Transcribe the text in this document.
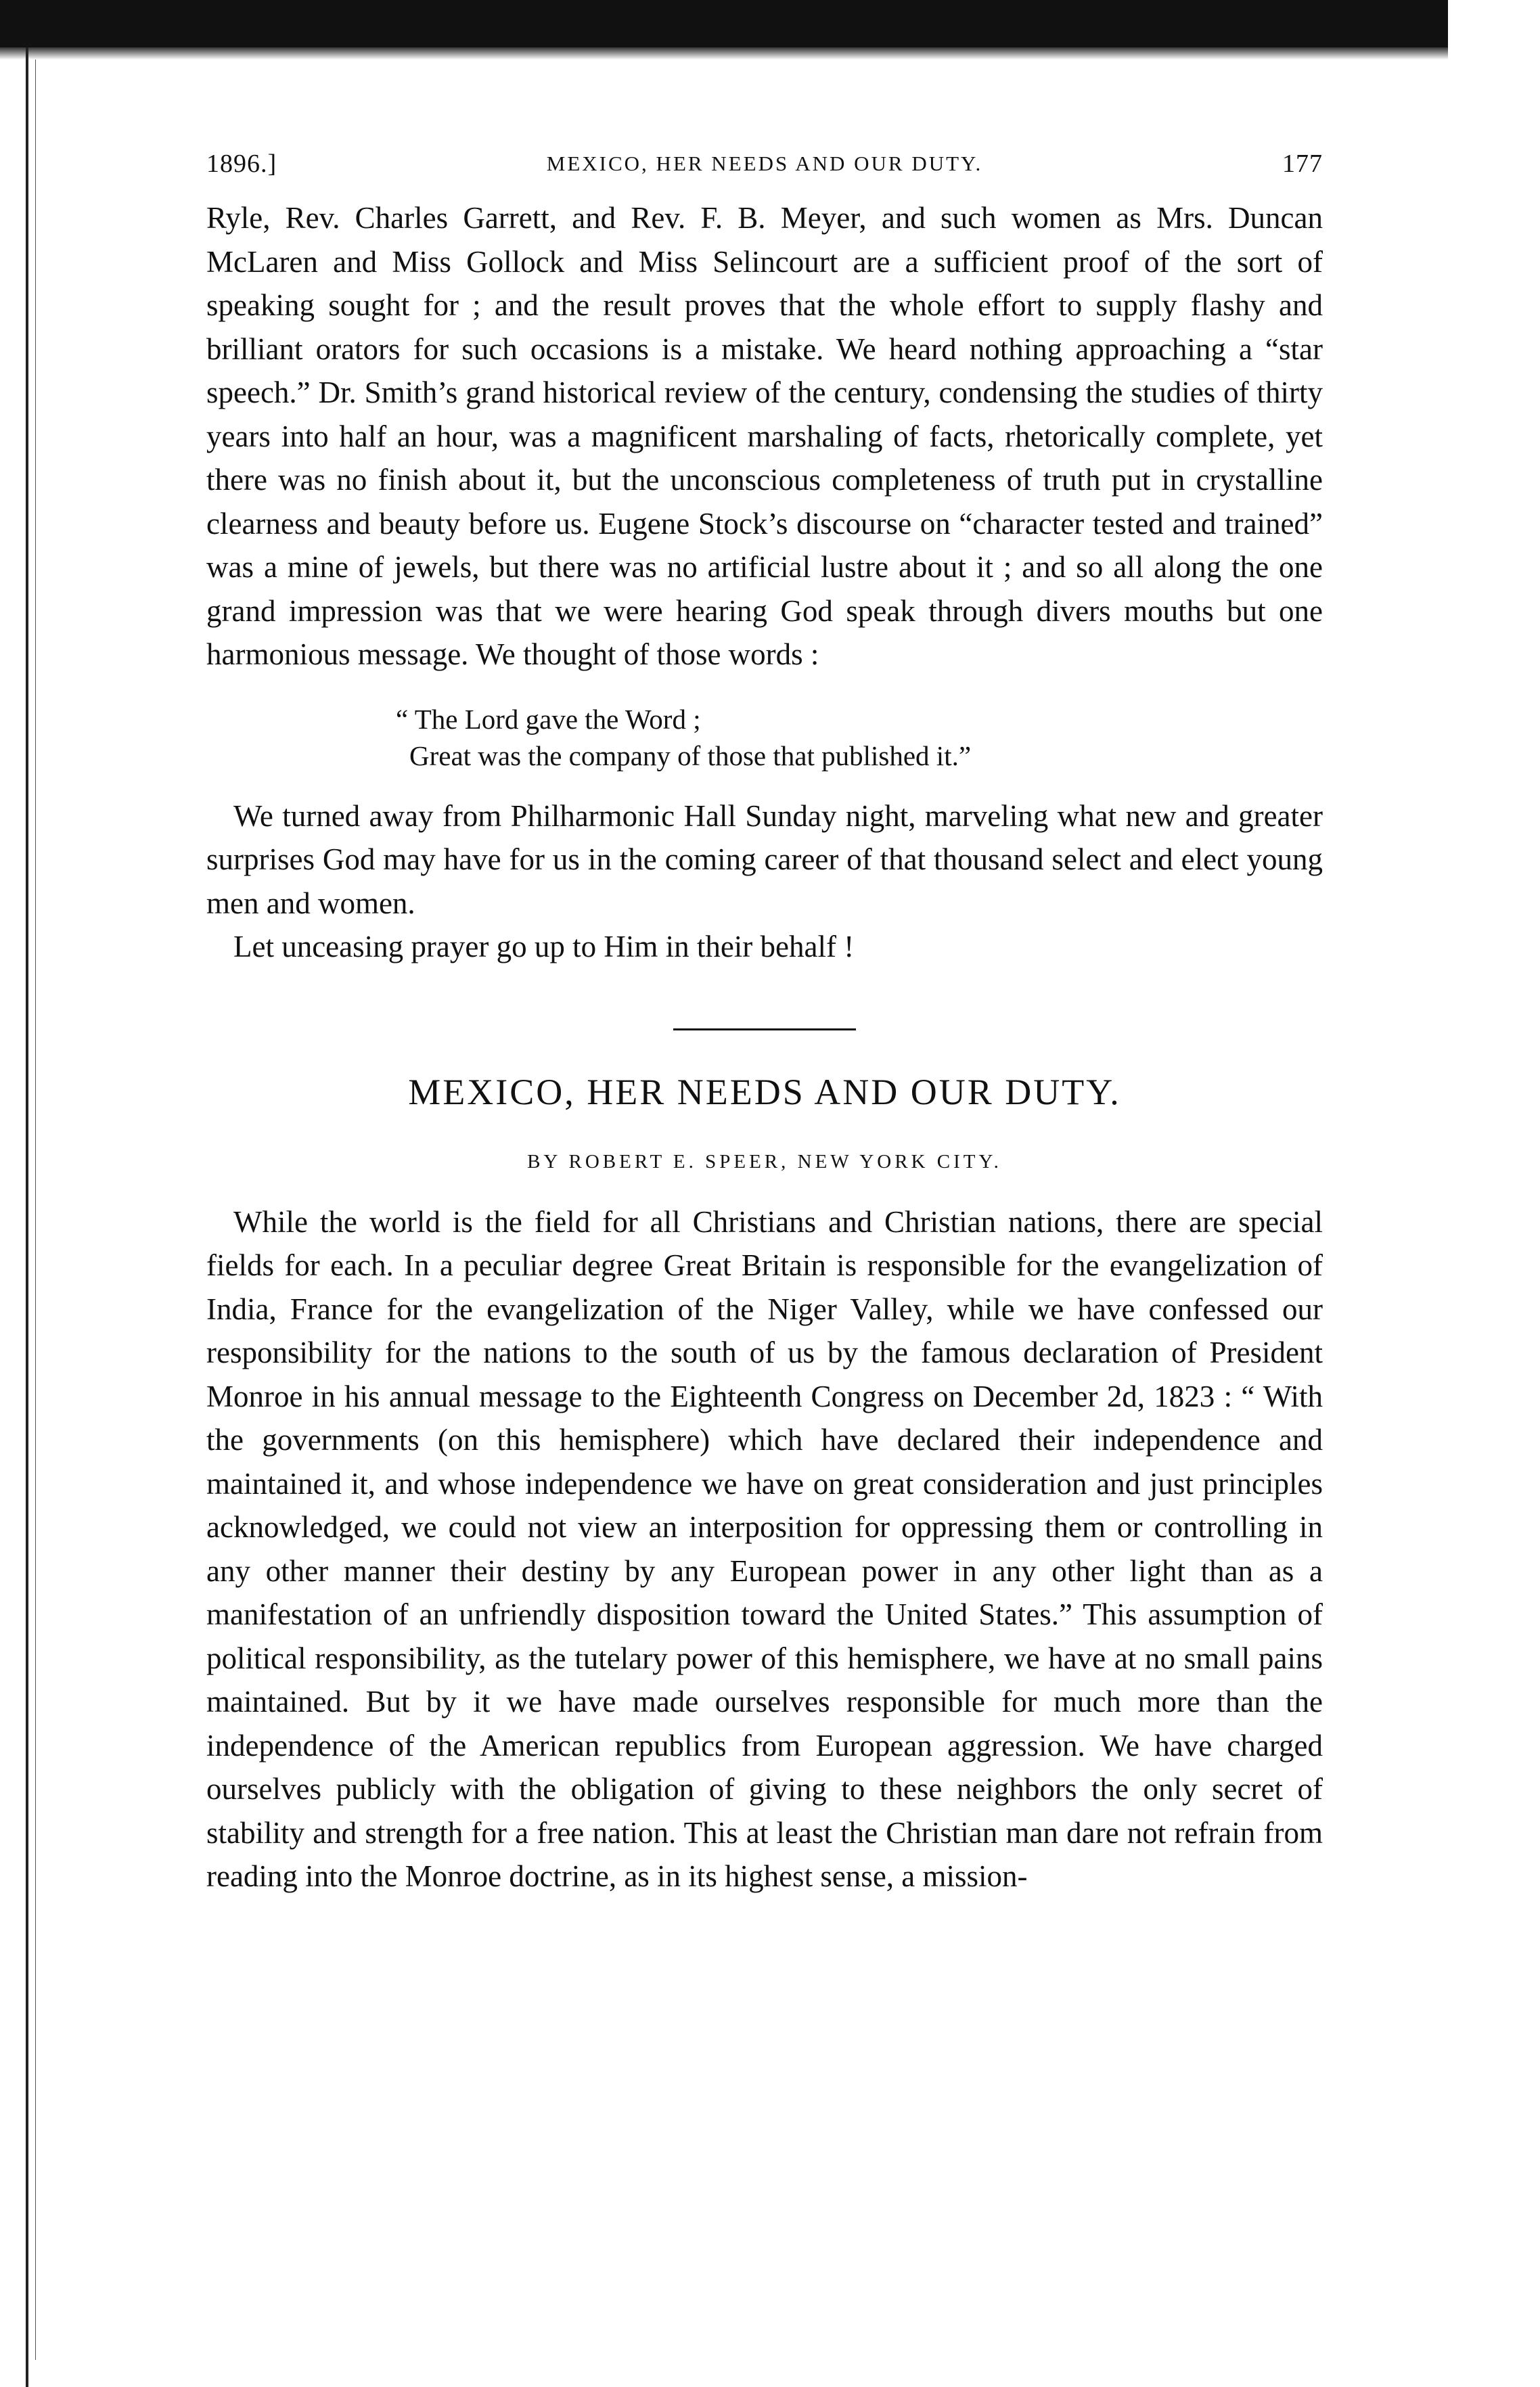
1896.]	MEXICO, HER NEEDS AND OUR DUTY.	177

Ryle, Rev. Charles Garrett, and Rev. F. B. Meyer, and such women as Mrs. Duncan McLaren and Miss Gollock and Miss Selincourt are a sufficient proof of the sort of speaking sought for ; and the result proves that the whole effort to supply flashy and brilliant orators for such occasions is a mistake. We heard nothing approaching a “star speech.” Dr. Smith’s grand historical review of the century, condensing the studies of thirty years into half an hour, was a magnificent marshaling of facts, rhetorically complete, yet there was no finish about it, but the unconscious completeness of truth put in crystalline clearness and beauty before us. Eugene Stock’s discourse on “character tested and trained” was a mine of jewels, but there was no artificial lustre about it ; and so all along the one grand impression was that we were hearing God speak through divers mouths but one harmonious message. We thought of those words :

“ The Lord gave the Word ;
Great was the company of those that published it.”

We turned away from Philharmonic Hall Sunday night, marveling what new and greater surprises God may have for us in the coming career of that thousand select and elect young men and women.

Let unceasing prayer go up to Him in their behalf !

MEXICO, HER NEEDS AND OUR DUTY.
BY ROBERT E. SPEER, NEW YORK CITY.

While the world is the field for all Christians and Christian nations, there are special fields for each. In a peculiar degree Great Britain is responsible for the evangelization of India, France for the evangelization of the Niger Valley, while we have confessed our responsibility for the nations to the south of us by the famous declaration of President Monroe in his annual message to the Eighteenth Congress on December 2d, 1823 : “ With the governments (on this hemisphere) which have declared their independence and maintained it, and whose independence we have on great consideration and just principles acknowledged, we could not view an interposition for oppressing them or controlling in any other manner their destiny by any European power in any other light than as a manifestation of an unfriendly disposition toward the United States.” This assumption of political responsibility, as the tutelary power of this hemisphere, we have at no small pains maintained. But by it we have made ourselves responsible for much more than the independence of the American republics from European aggression. We have charged ourselves publicly with the obligation of giving to these neighbors the only secret of stability and strength for a free nation. This at least the Christian man dare not refrain from reading into the Monroe doctrine, as in its highest sense, a mission-
